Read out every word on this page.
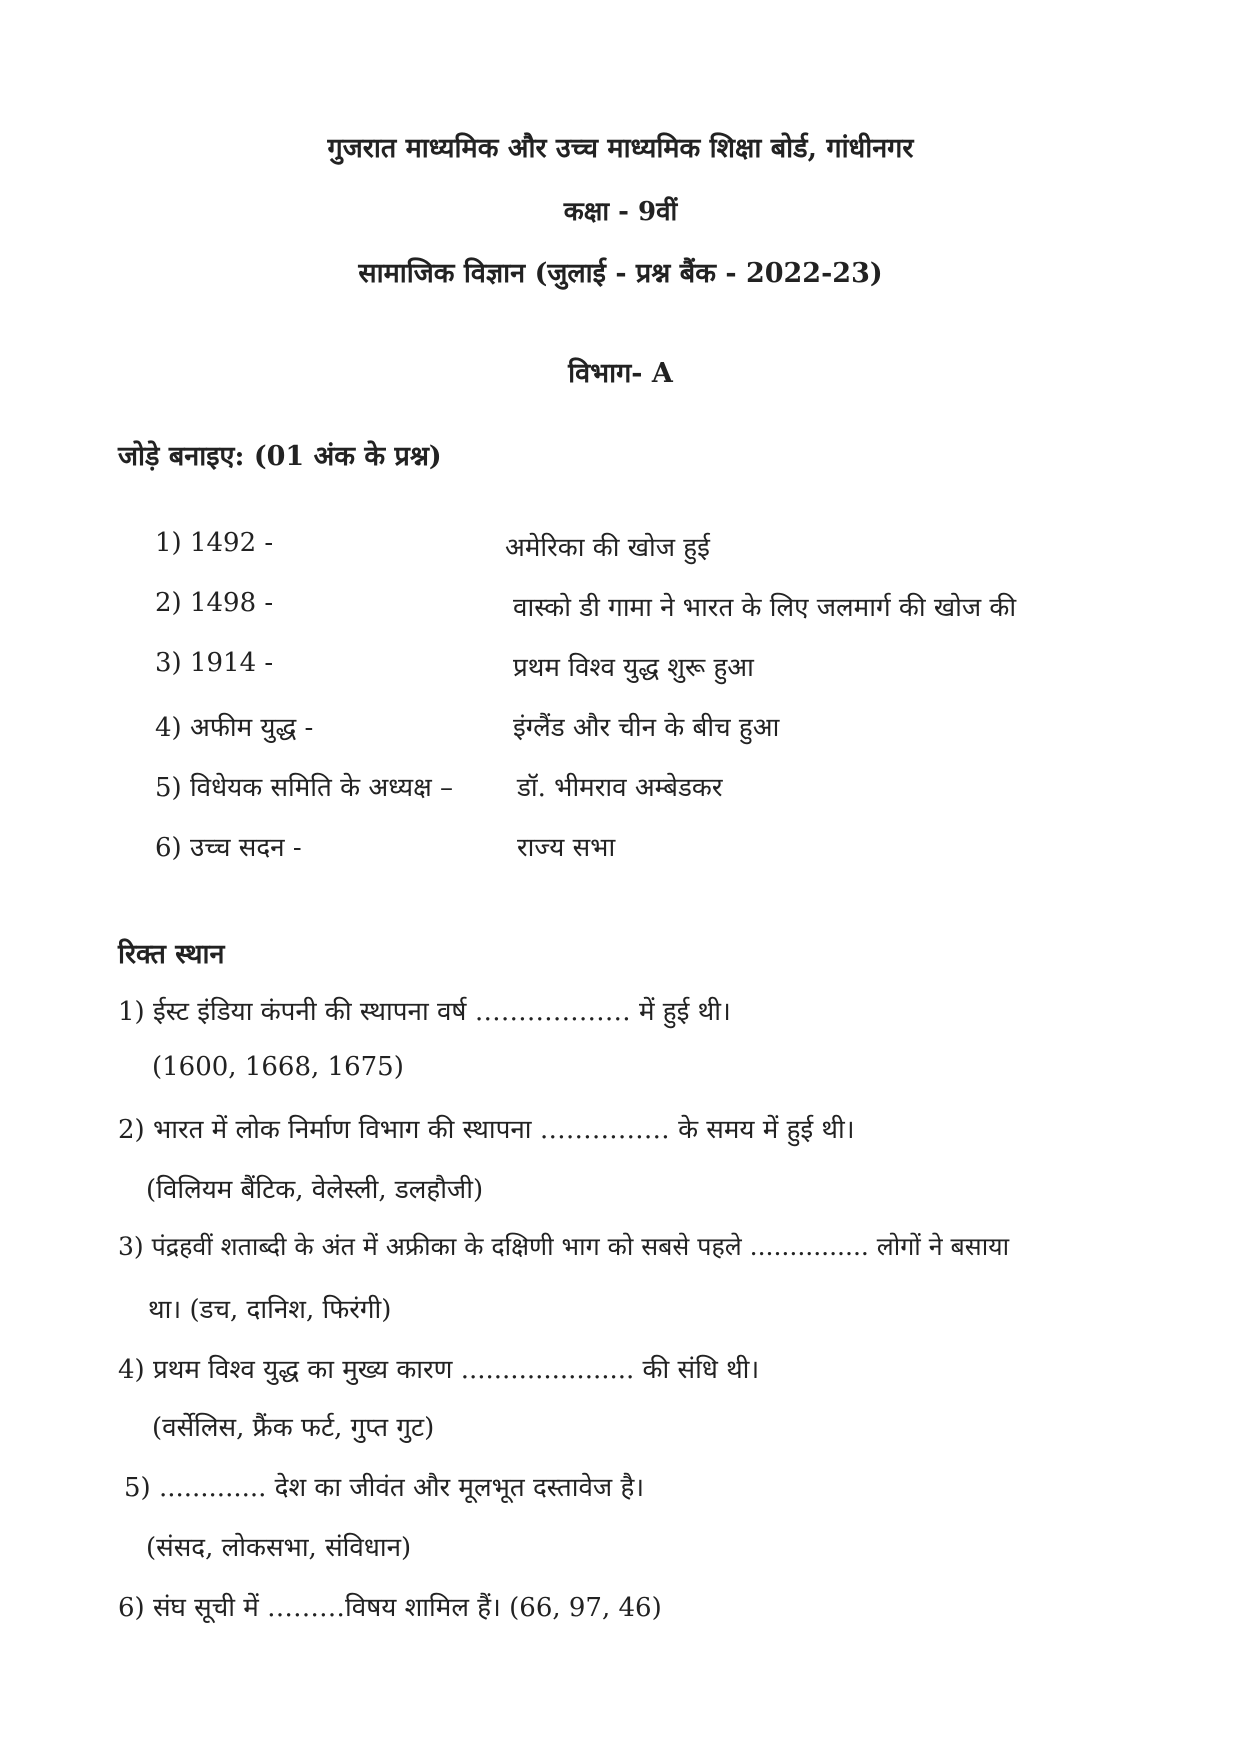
गुजरात माध्यमिक और उच्च माध्यमिक शिक्षा बोर्ड, गांधीनगर
कक्षा - 9वीं
सामाजिक विज्ञान (जुलाई - प्रश्न बैंक - 2022-23)
विभाग- A
जोड़े बनाइए: (01 अंक के प्रश्न)
1) 1492 -	अमेरिका की खोज हुई
2) 1498 -	वास्को डी गामा ने भारत के लिए जलमार्ग की खोज की
3) 1914 -	प्रथम विश्व युद्ध शुरू हुआ
4) अफीम युद्ध -	इंग्लैंड और चीन के बीच हुआ
5) विधेयक समिति के अध्यक्ष – डॉ. भीमराव अम्बेडकर
6) उच्च सदन -	राज्य सभा
रिक्त स्थान
1) ईस्ट इंडिया कंपनी की स्थापना वर्ष ……………… में हुई थी।
(1600, 1668, 1675)
2) भारत में लोक निर्माण विभाग की स्थापना …………… के समय में हुई थी।
(विलियम बैंटिक, वेलेस्ली, डलहौजी)
3) पंद्रहवीं शताब्दी के अंत में अफ्रीका के दक्षिणी भाग को सबसे पहले ............... लोगों ने बसाया
था। (डच, दानिश, फिरंगी)
4) प्रथम विश्व युद्ध का मुख्य कारण ..................... की संधि थी।
(वर्सेलिस, फ्रैंक फर्ट, गुप्त गुट)
5) ............. देश का जीवंत और मूलभूत दस्तावेज है।
(संसद, लोकसभा, संविधान)
6) संघ सूची में ………विषय शामिल हैं। (66, 97, 46)
